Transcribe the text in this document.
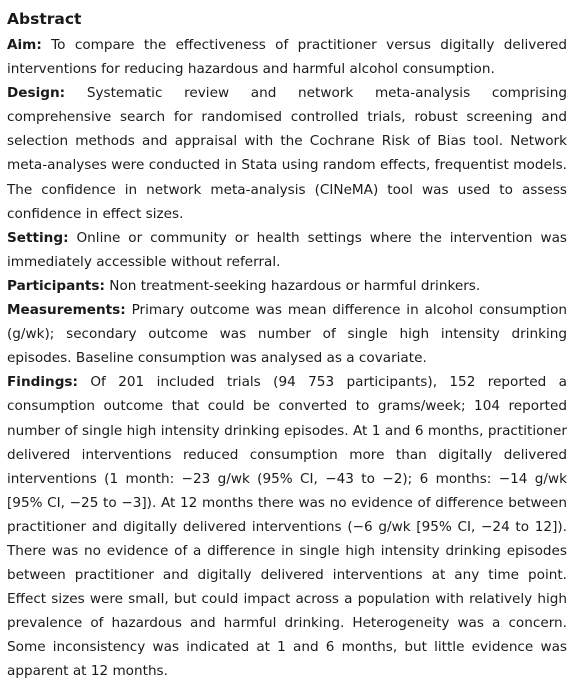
Abstract

Aim: To compare the effectiveness of practitioner versus digitally delivered interventions for reducing hazardous and harmful alcohol consumption.

Design: Systematic review and network meta-analysis comprising comprehensive search for randomised controlled trials, robust screening and selection methods and appraisal with the Cochrane Risk of Bias tool. Network meta-analyses were conducted in Stata using random effects, frequentist models. The confidence in network meta-analysis (CINeMA) tool was used to assess confidence in effect sizes.

Setting: Online or community or health settings where the intervention was immediately accessible without referral.

Participants: Non treatment-seeking hazardous or harmful drinkers.

Measurements: Primary outcome was mean difference in alcohol consumption (g/wk); secondary outcome was number of single high intensity drinking episodes. Baseline consumption was analysed as a covariate.

Findings: Of 201 included trials (94 753 participants), 152 reported a consumption outcome that could be converted to grams/week; 104 reported number of single high intensity drinking episodes. At 1 and 6 months, practitioner delivered interventions reduced consumption more than digitally delivered interventions (1 month: −23 g/wk (95% CI, −43 to −2); 6 months: −14 g/wk [95% CI, −25 to −3]). At 12 months there was no evidence of difference between practitioner and digitally delivered interventions (−6 g/wk [95% CI, −24 to 12]). There was no evidence of a difference in single high intensity drinking episodes between practitioner and digitally delivered interventions at any time point. Effect sizes were small, but could impact across a population with relatively high prevalence of hazardous and harmful drinking. Heterogeneity was a concern. Some inconsistency was indicated at 1 and 6 months, but little evidence was apparent at 12 months.
